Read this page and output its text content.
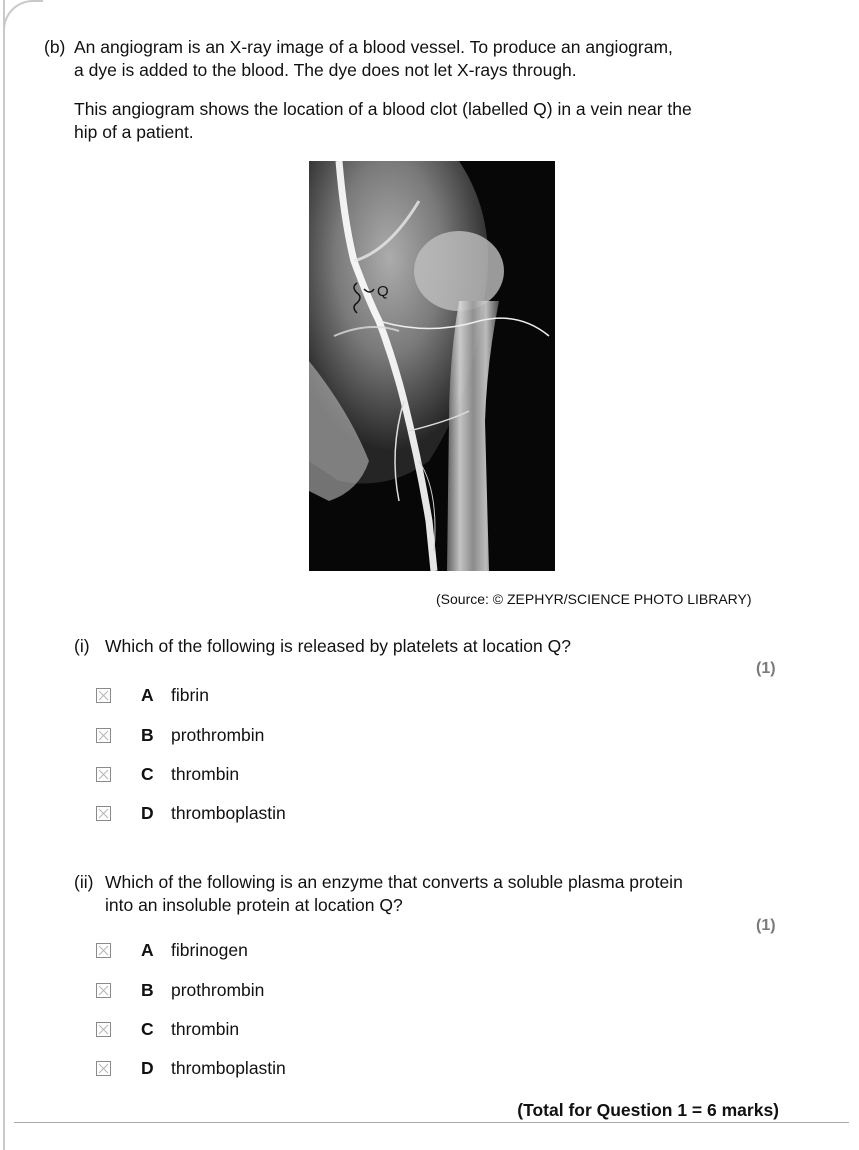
(b) An angiogram is an X-ray image of a blood vessel. To produce an angiogram,
a dye is added to the blood. The dye does not let X-rays through.
This angiogram shows the location of a blood clot (labelled Q) in a vein near the
hip of a patient.
Q
(Source: © ZEPHYR/SCIENCE PHOTO LIBRARY)
(i) Which of the following is released by platelets at location Q?
(1)
A fibrin
B prothrombin
C thrombin
D thromboplastin
(ii) Which of the following is an enzyme that converts a soluble plasma protein
into an insoluble protein at location Q?
(1)
A fibrinogen
B prothrombin
C thrombin
D thromboplastin
(Total for Question 1 = 6 marks)
